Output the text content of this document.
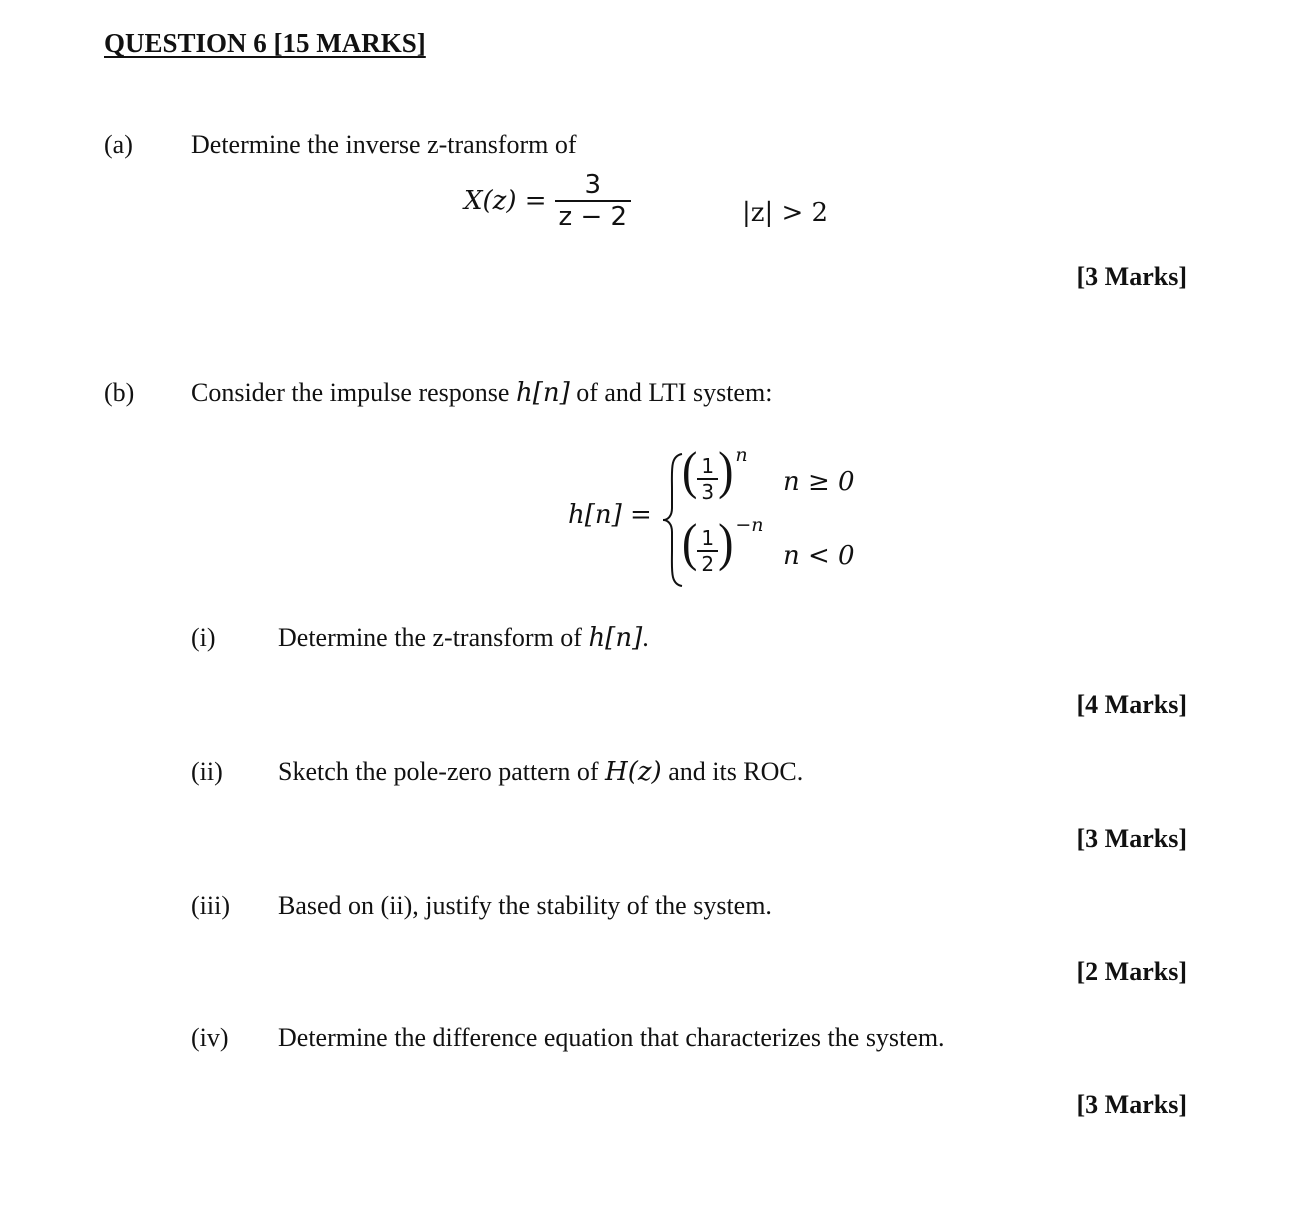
QUESTION 6 [15 MARKS]
(a) Determine the inverse z-transform of
$X(z) = \frac{3}{z - 2}$	|z| > 2
[3 Marks]
(b) Consider the impulse response h[n] of and LTI system:
h[n] =
( $\frac{1}{3}$ ) n
n ≥ 0
( $\frac{1}{2}$ ) −n
n < 0
(i) Determine the z-transform of h[n].
[4 Marks]
(ii) Sketch the pole-zero pattern of H(z) and its ROC.
[3 Marks]
(iii) Based on (ii), justify the stability of the system.
[2 Marks]
(iv) Determine the difference equation that characterizes the system.
[3 Marks]
